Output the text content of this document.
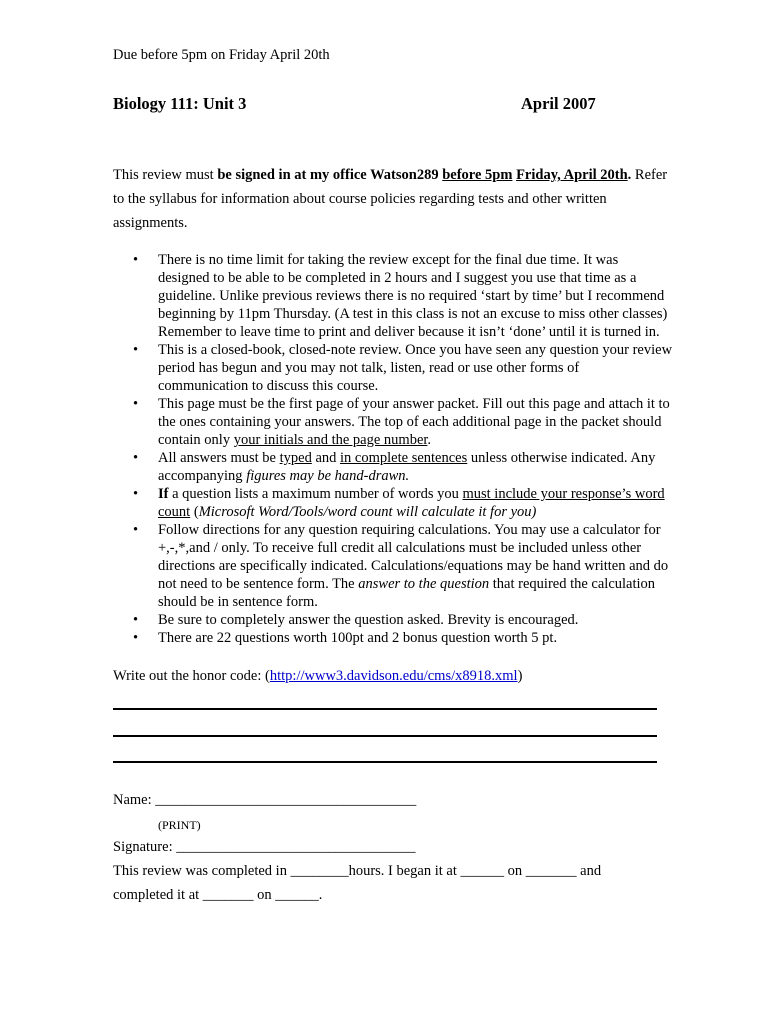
Due before 5pm on Friday April 20th
Biology 111: Unit 3	April 2007
This review must be signed in at my office Watson289 before 5pm Friday, April 20th. Refer to the syllabus for information about course policies regarding tests and other written assignments.
• There is no time limit for taking the review except for the final due time. It was designed to be able to be completed in 2 hours and I suggest you use that time as a guideline. Unlike previous reviews there is no required ‘start by time’ but I recommend beginning by 11pm Thursday. (A test in this class is not an excuse to miss other classes) Remember to leave time to print and deliver because it isn’t ‘done’ until it is turned in.
• This is a closed-book, closed-note review. Once you have seen any question your review period has begun and you may not talk, listen, read or use other forms of communication to discuss this course.
• This page must be the first page of your answer packet. Fill out this page and attach it to the ones containing your answers. The top of each additional page in the packet should contain only your initials and the page number.
• All answers must be typed and in complete sentences unless otherwise indicated. Any accompanying figures may be hand-drawn.
• If a question lists a maximum number of words you must include your response’s word count (Microsoft Word/Tools/word count will calculate it for you)
• Follow directions for any question requiring calculations. You may use a calculator for +,-,*,and / only. To receive full credit all calculations must be included unless other directions are specifically indicated. Calculations/equations may be hand written and do not need to be sentence form. The answer to the question that required the calculation should be in sentence form.
• Be sure to completely answer the question asked. Brevity is encouraged.
• There are 22 questions worth 100pt and 2 bonus question worth 5 pt.
Write out the honor code: (http://www3.davidson.edu/cms/x8918.xml)
Name: ____________________________________
(PRINT)
Signature: _________________________________
This review was completed in ________hours. I began it at ______ on _______ and
completed it at _______ on ______.
